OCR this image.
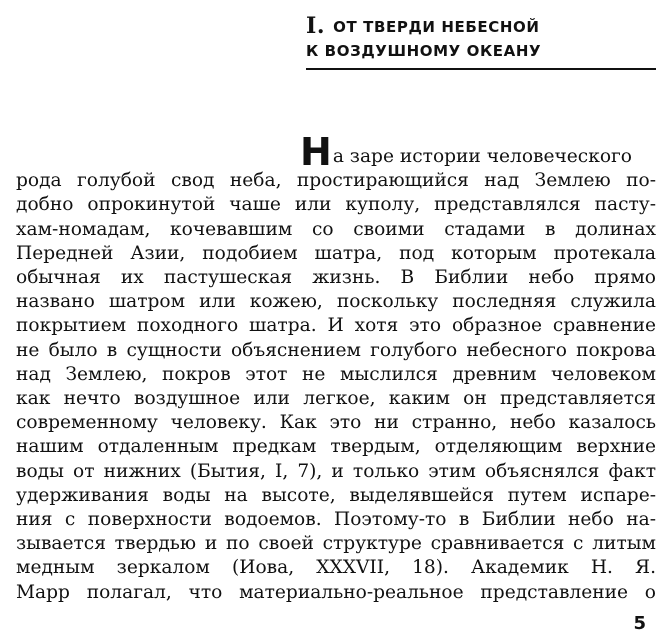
I. ОТ ТВЕРДИ НЕБЕСНОЙ
К ВОЗДУШНОМУ ОКЕАНУ

На заре истории человеческого
рода голубой свод неба, простирающийся над Землею по-
добно опрокинутой чаше или куполу, представлялся пасту-
хам-номадам, кочевавшим со своими стадами в долинах
Передней Азии, подобием шатра, под которым протекала
обычная их пастушеская жизнь. В Библии небо прямо
названо шатром или кожею, поскольку последняя служила
покрытием походного шатра. И хотя это образное сравнение
не было в сущности объяснением голубого небесного покрова
над Землею, покров этот не мыслился древним человеком
как нечто воздушное или легкое, каким он представляется
современному человеку. Как это ни странно, небо казалось
нашим отдаленным предкам твердым, отделяющим верхние
воды от нижних (Бытия, I, 7), и только этим объяснялся факт
удерживания воды на высоте, выделявшейся путем испаре-
ния с поверхности водоемов. Поэтому-то в Библии небо на-
зывается твердью и по своей структуре сравнивается с литым
медным зеркалом (Иова, XXXVII, 18). Академик Н. Я.
Марр полагал, что материально-реальное представление о

5
